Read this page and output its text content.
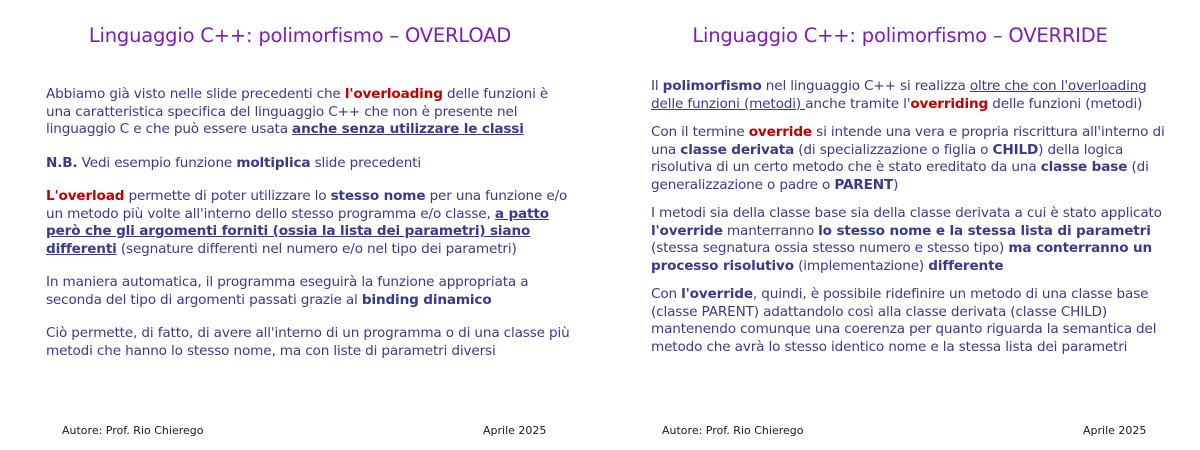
Linguaggio C++: polimorfismo – OVERLOAD

Abbiamo già visto nelle slide precedenti che l'overloading delle funzioni è una caratteristica specifica del linguaggio C++ che non è presente nel linguaggio C e che può essere usata anche senza utilizzare le classi

N.B. Vedi esempio funzione moltiplica slide precedenti

L'overload permette di poter utilizzare lo stesso nome per una funzione e/o un metodo più volte all'interno dello stesso programma e/o classe, a patto però che gli argomenti forniti (ossia la lista dei parametri) siano differenti (segnature differenti nel numero e/o nel tipo dei parametri)

In maniera automatica, il programma eseguirà la funzione appropriata a seconda del tipo di argomenti passati grazie al binding dinamico

Ciò permette, di fatto, di avere all'interno di un programma o di una classe più metodi che hanno lo stesso nome, ma con liste di parametri diversi

Autore: Prof. Rio Chierego	Aprile 2025
Linguaggio C++: polimorfismo – OVERRIDE

Il polimorfismo nel linguaggio C++ si realizza oltre che con l'overloading delle funzioni (metodi) anche tramite l'overriding delle funzioni (metodi)

Con il termine override si intende una vera e propria riscrittura all'interno di una classe derivata (di specializzazione o figlia o CHILD) della logica risolutiva di un certo metodo che è stato ereditato da una classe base (di generalizzazione o padre o PARENT)

I metodi sia della classe base sia della classe derivata a cui è stato applicato l'override manterranno lo stesso nome e la stessa lista di parametri (stessa segnatura ossia stesso numero e stesso tipo) ma conterranno un processo risolutivo (implementazione) differente

Con l'override, quindi, è possibile ridefinire un metodo di una classe base (classe PARENT) adattandolo così alla classe derivata (classe CHILD) mantenendo comunque una coerenza per quanto riguarda la semantica del metodo che avrà lo stesso identico nome e la stessa lista dei parametri

Autore: Prof. Rio Chierego	Aprile 2025
